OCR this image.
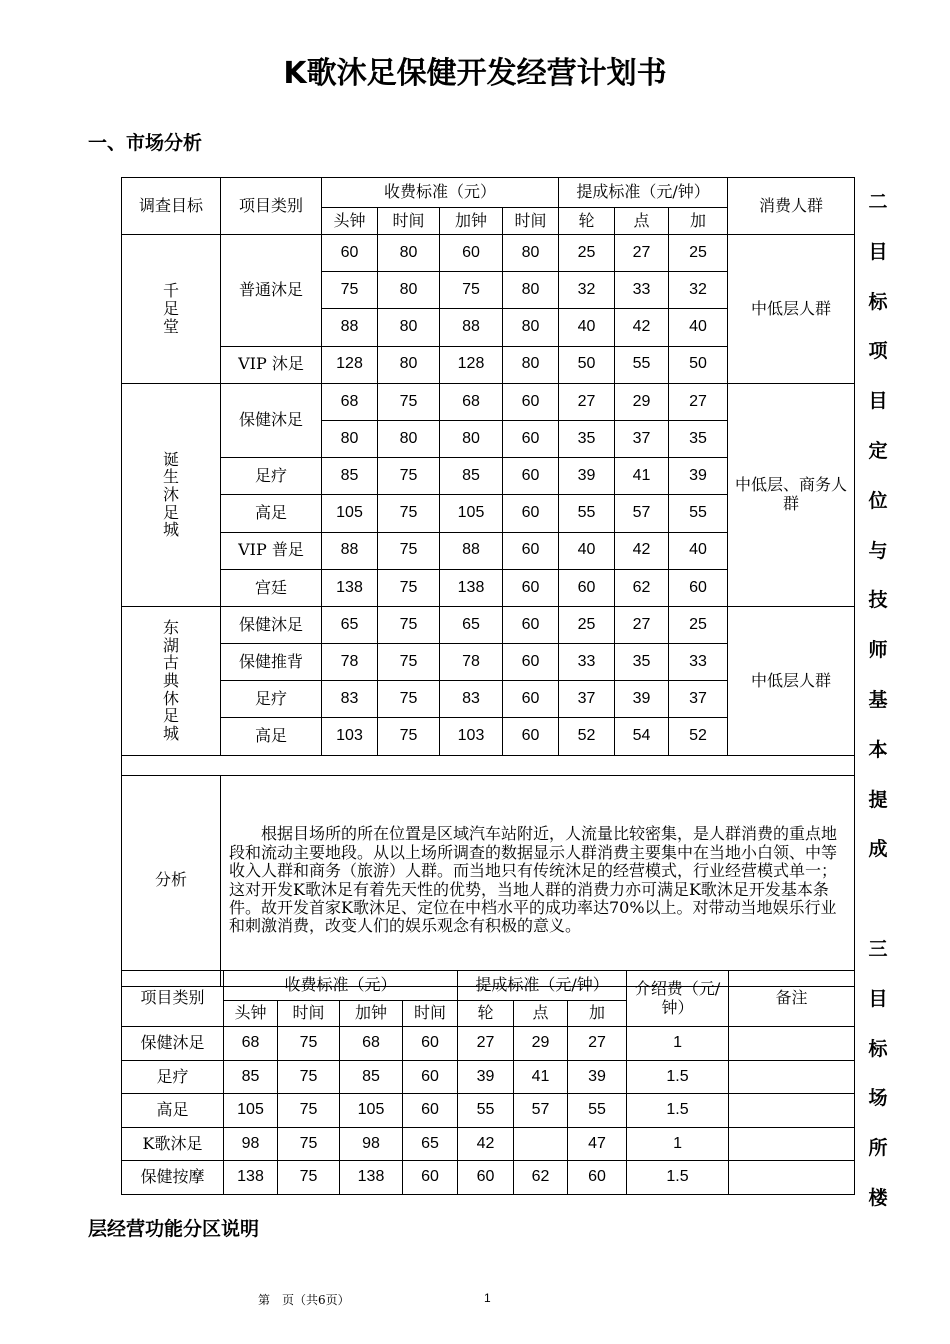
K歌沐足保健开发经营计划书
一、市场分析
调查目标	项目类别	收费标准（元）				提成标准（元/钟）			消费人群
		头钟	时间	加钟	时间	轮	点	加	
千足堂	普通沐足	60	80	60	80	25	27	25	中低层人群
		75	80	75	80	32	33	32	
		88	80	88	80	40	42	40	
	VIP 沐足	128	80	128	80	50	55	50	
诞生沐足城	保健沐足	68	75	68	60	27	29	27	中低层、商务人群
		80	80	80	60	35	37	35	
	足疗	85	75	85	60	39	41	39	
	高足	105	75	105	60	55	57	55	
	VIP 普足	88	75	88	60	40	42	40	
	宫廷	138	75	138	60	60	62	60	
东湖古典休足城	保健沐足	65	75	65	60	25	27	25	中低层人群
	保健推背	78	75	78	60	33	35	33	
	足疗	83	75	83	60	37	39	37	
	高足	103	75	103	60	52	54	52	

分析	根据目场所的所在位置是区域汽车站附近，人流量比较密集，是人群消费的重点地段和流动主要地段。从以上场所调查的数据显示人群消费主要集中在当地小白领、中等收入人群和商务（旅游）人群。而当地只有传统沐足的经营模式，行业经营模式单一；这对开发K歌沐足有着先天性的优势，当地人群的消费力亦可满足K歌沐足开发基本条件。故开发首家K歌沐足、定位在中档水平的成功率达70%以上。对带动当地娱乐行业和刺激消费，改变人们的娱乐观念有积极的意义。								

项目类别	收费标准（元）				提成标准（元/钟）			介绍费（元/钟）	备注
	头钟	时间	加钟	时间	轮	点	加		
保健沐足	68	75	68	60	27	29	27	1	
足疗	85	75	85	60	39	41	39	1.5	
高足	105	75	105	60	55	57	55	1.5	
K歌沐足	98	75	98	65	42		47	1	
保健按摩	138	75	138	60	60	62	60	1.5	
二
目
标
项
目
定
位
与
技
师
基
本
提
成
三
目
标
场
所
楼
层经营功能分区说明
第　页（共6页）	1
